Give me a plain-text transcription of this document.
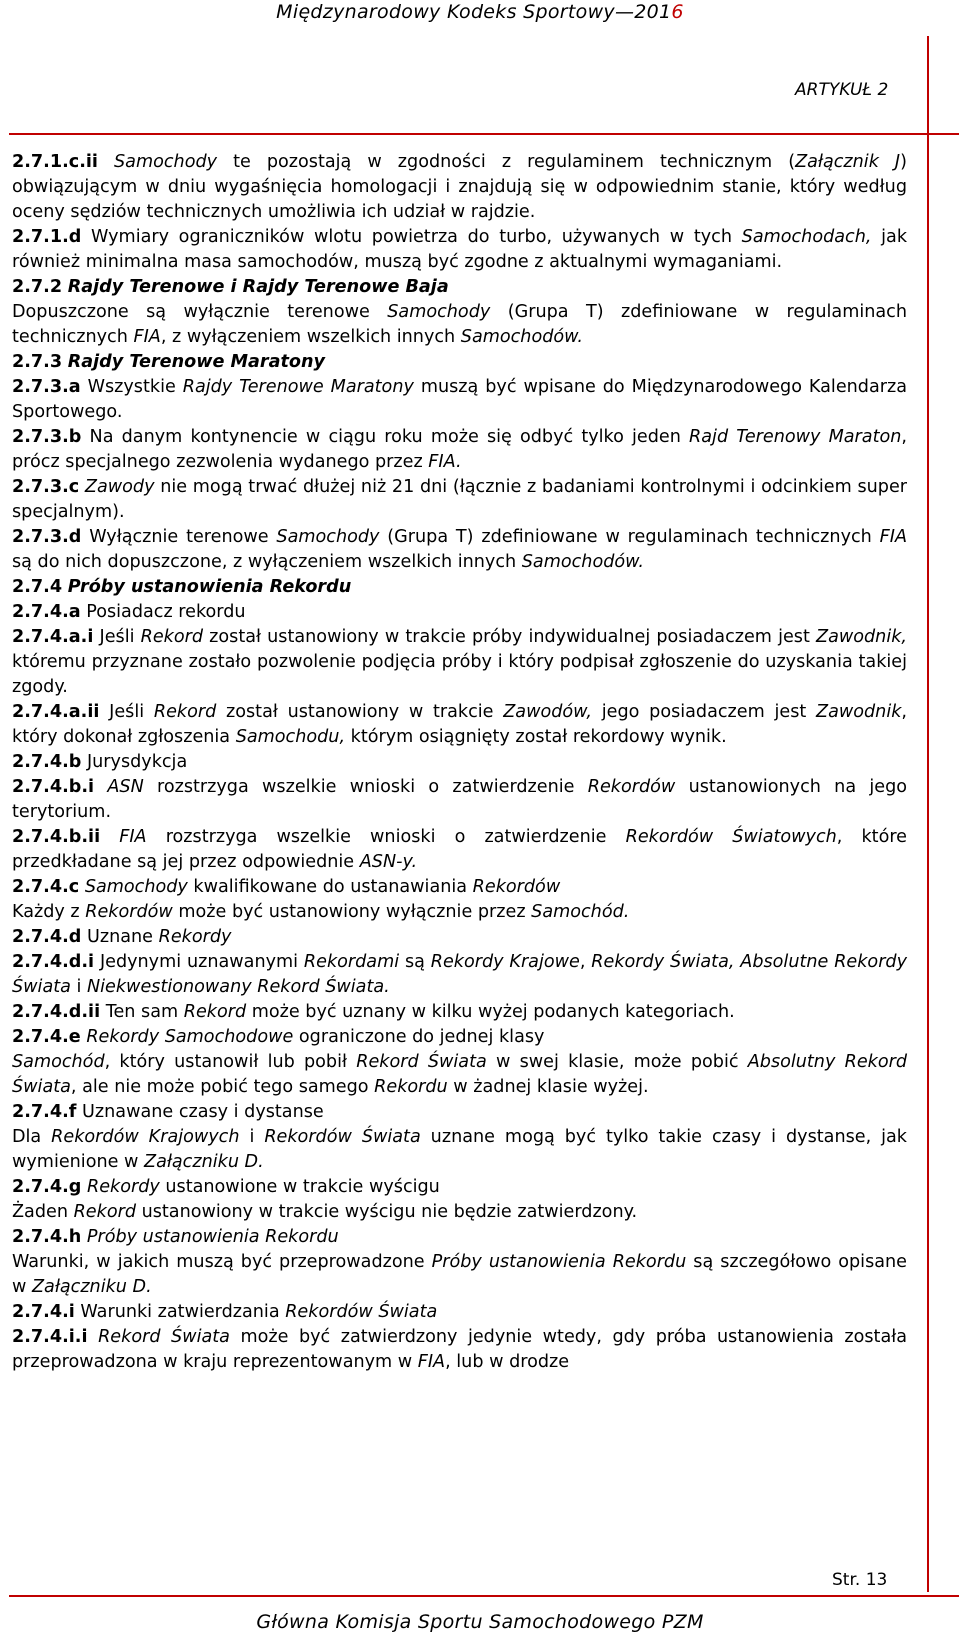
Międzynarodowy Kodeks Sportowy—2016
ARTYKUŁ 2

2.7.1.c.ii Samochody te pozostają w zgodności z regulaminem technicznym (Załącznik J) obwiązującym w dniu wygaśnięcia homologacji i znajdują się w odpowiednim stanie, który według oceny sędziów technicznych umożliwia ich udział w rajdzie.

2.7.1.d Wymiary ograniczników wlotu powietrza do turbo, używanych w tych Samochodach, jak również minimalna masa samochodów, muszą być zgodne z aktualnymi wymaganiami.

2.7.2 Rajdy Terenowe i Rajdy Terenowe Baja

Dopuszczone są wyłącznie terenowe Samochody (Grupa T) zdefiniowane w regulaminach technicznych FIA, z wyłączeniem wszelkich innych Samochodów.

2.7.3 Rajdy Terenowe Maratony

2.7.3.a Wszystkie Rajdy Terenowe Maratony muszą być wpisane do Międzynarodowego Kalendarza Sportowego.

2.7.3.b Na danym kontynencie w ciągu roku może się odbyć tylko jeden Rajd Terenowy Maraton, prócz specjalnego zezwolenia wydanego przez FIA.

2.7.3.c Zawody nie mogą trwać dłużej niż 21 dni (łącznie z badaniami kontrolnymi i odcinkiem super specjalnym).

2.7.3.d Wyłącznie terenowe Samochody (Grupa T) zdefiniowane w regulaminach technicznych FIA są do nich dopuszczone, z wyłączeniem wszelkich innych Samochodów.

2.7.4 Próby ustanowienia Rekordu

2.7.4.a Posiadacz rekordu

2.7.4.a.i Jeśli Rekord został ustanowiony w trakcie próby indywidualnej posiadaczem jest Zawodnik, któremu przyznane zostało pozwolenie podjęcia próby i który podpisał zgłoszenie do uzyskania takiej zgody.

2.7.4.a.ii Jeśli Rekord został ustanowiony w trakcie Zawodów, jego posiadaczem jest Zawodnik, który dokonał zgłoszenia Samochodu, którym osiągnięty został rekordowy wynik.

2.7.4.b Jurysdykcja

2.7.4.b.i ASN rozstrzyga wszelkie wnioski o zatwierdzenie Rekordów ustanowionych na jego terytorium.

2.7.4.b.ii FIA rozstrzyga wszelkie wnioski o zatwierdzenie Rekordów Światowych, które przedkładane są jej przez odpowiednie ASN-y.

2.7.4.c Samochody kwalifikowane do ustanawiania Rekordów

Każdy z Rekordów może być ustanowiony wyłącznie przez Samochód.

2.7.4.d Uznane Rekordy

2.7.4.d.i Jedynymi uznawanymi Rekordami są Rekordy Krajowe, Rekordy Świata, Absolutne Rekordy Świata i Niekwestionowany Rekord Świata.

2.7.4.d.ii Ten sam Rekord może być uznany w kilku wyżej podanych kategoriach.

2.7.4.e Rekordy Samochodowe ograniczone do jednej klasy

Samochód, który ustanowił lub pobił Rekord Świata w swej klasie, może pobić Absolutny Rekord Świata, ale nie może pobić tego samego Rekordu w żadnej klasie wyżej.

2.7.4.f Uznawane czasy i dystanse

Dla Rekordów Krajowych i Rekordów Świata uznane mogą być tylko takie czasy i dystanse, jak wymienione w Załączniku D.

2.7.4.g Rekordy ustanowione w trakcie wyścigu

Żaden Rekord ustanowiony w trakcie wyścigu nie będzie zatwierdzony.

2.7.4.h Próby ustanowienia Rekordu

Warunki, w jakich muszą być przeprowadzone Próby ustanowienia Rekordu są szczegółowo opisane w Załączniku D.

2.7.4.i Warunki zatwierdzania Rekordów Świata

2.7.4.i.i Rekord Świata może być zatwierdzony jedynie wtedy, gdy próba ustanowienia została przeprowadzona w kraju reprezentowanym w FIA, lub w drodze

Str. 13
Główna Komisja Sportu Samochodowego PZM
